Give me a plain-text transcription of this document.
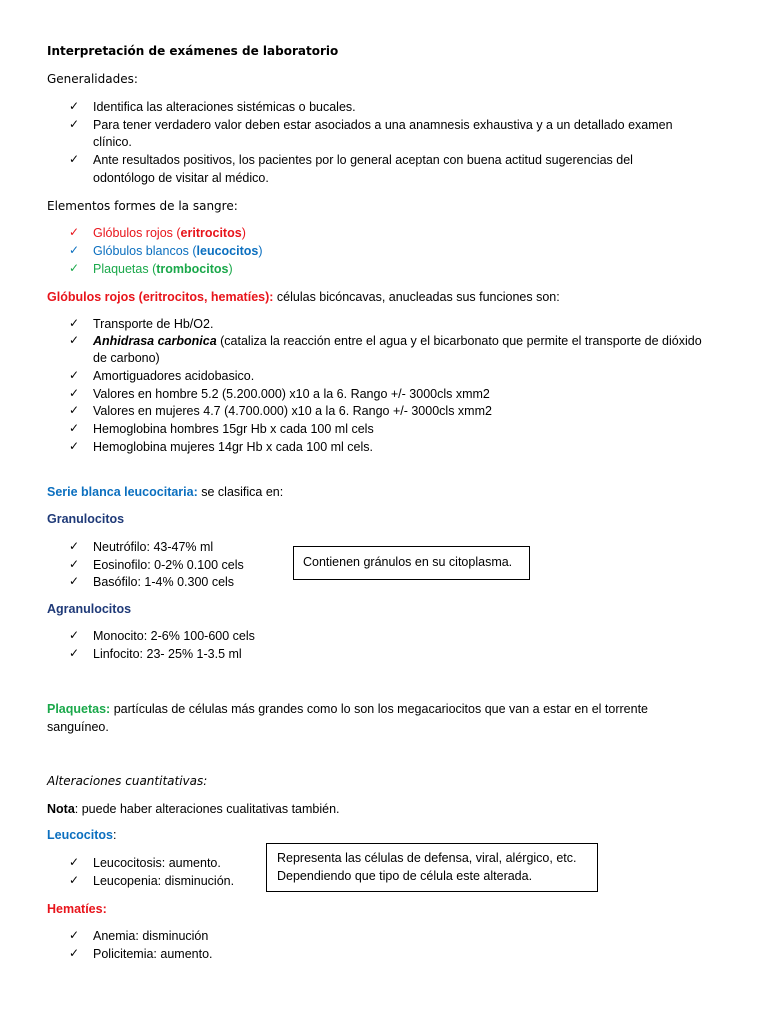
Interpretación de exámenes de laboratorio
Generalidades:
✓ Identifica las alteraciones sistémicas o bucales.
✓ Para tener verdadero valor deben estar asociados a una anamnesis exhaustiva y a un detallado examen
clínico.
✓ Ante resultados positivos, los pacientes por lo general aceptan con buena actitud sugerencias del
odontólogo de visitar al médico.
Elementos formes de la sangre:
✓ Glóbulos rojos (eritrocitos)
✓ Glóbulos blancos (leucocitos)
✓ Plaquetas (trombocitos)
Glóbulos rojos (eritrocitos, hematíes): células bicóncavas, anucleadas sus funciones son:
✓ Transporte de Hb/O2.
✓ Anhidrasa carbonica (cataliza la reacción entre el agua y el bicarbonato que permite el transporte de dióxido
de carbono)
✓ Amortiguadores acidobasico.
✓ Valores en hombre 5.2 (5.200.000) x10 a la 6. Rango +/- 3000cls xmm2
✓ Valores en mujeres 4.7 (4.700.000) x10 a la 6. Rango +/- 3000cls xmm2
✓ Hemoglobina hombres 15gr Hb x cada 100 ml cels
✓ Hemoglobina mujeres 14gr Hb x cada 100 ml cels.
Serie blanca leucocitaria: se clasifica en:
Granulocitos
✓ Neutrófilo: 43-47% ml
✓ Eosinofilo: 0-2% 0.100 cels
✓ Basófilo: 1-4% 0.300 cels
Contienen gránulos en su citoplasma.
Agranulocitos
✓ Monocito: 2-6% 100-600 cels
✓ Linfocito: 23- 25% 1-3.5 ml
Plaquetas: partículas de células más grandes como lo son los megacariocitos que van a estar en el torrente
sanguíneo.
Alteraciones cuantitativas:
Nota: puede haber alteraciones cualitativas también.
Leucocitos:
✓ Leucocitosis: aumento.
✓ Leucopenia: disminución.
Representa las células de defensa, viral, alérgico, etc.
Dependiendo que tipo de célula este alterada.
Hematíes:
✓ Anemia: disminución
✓ Policitemia: aumento.
